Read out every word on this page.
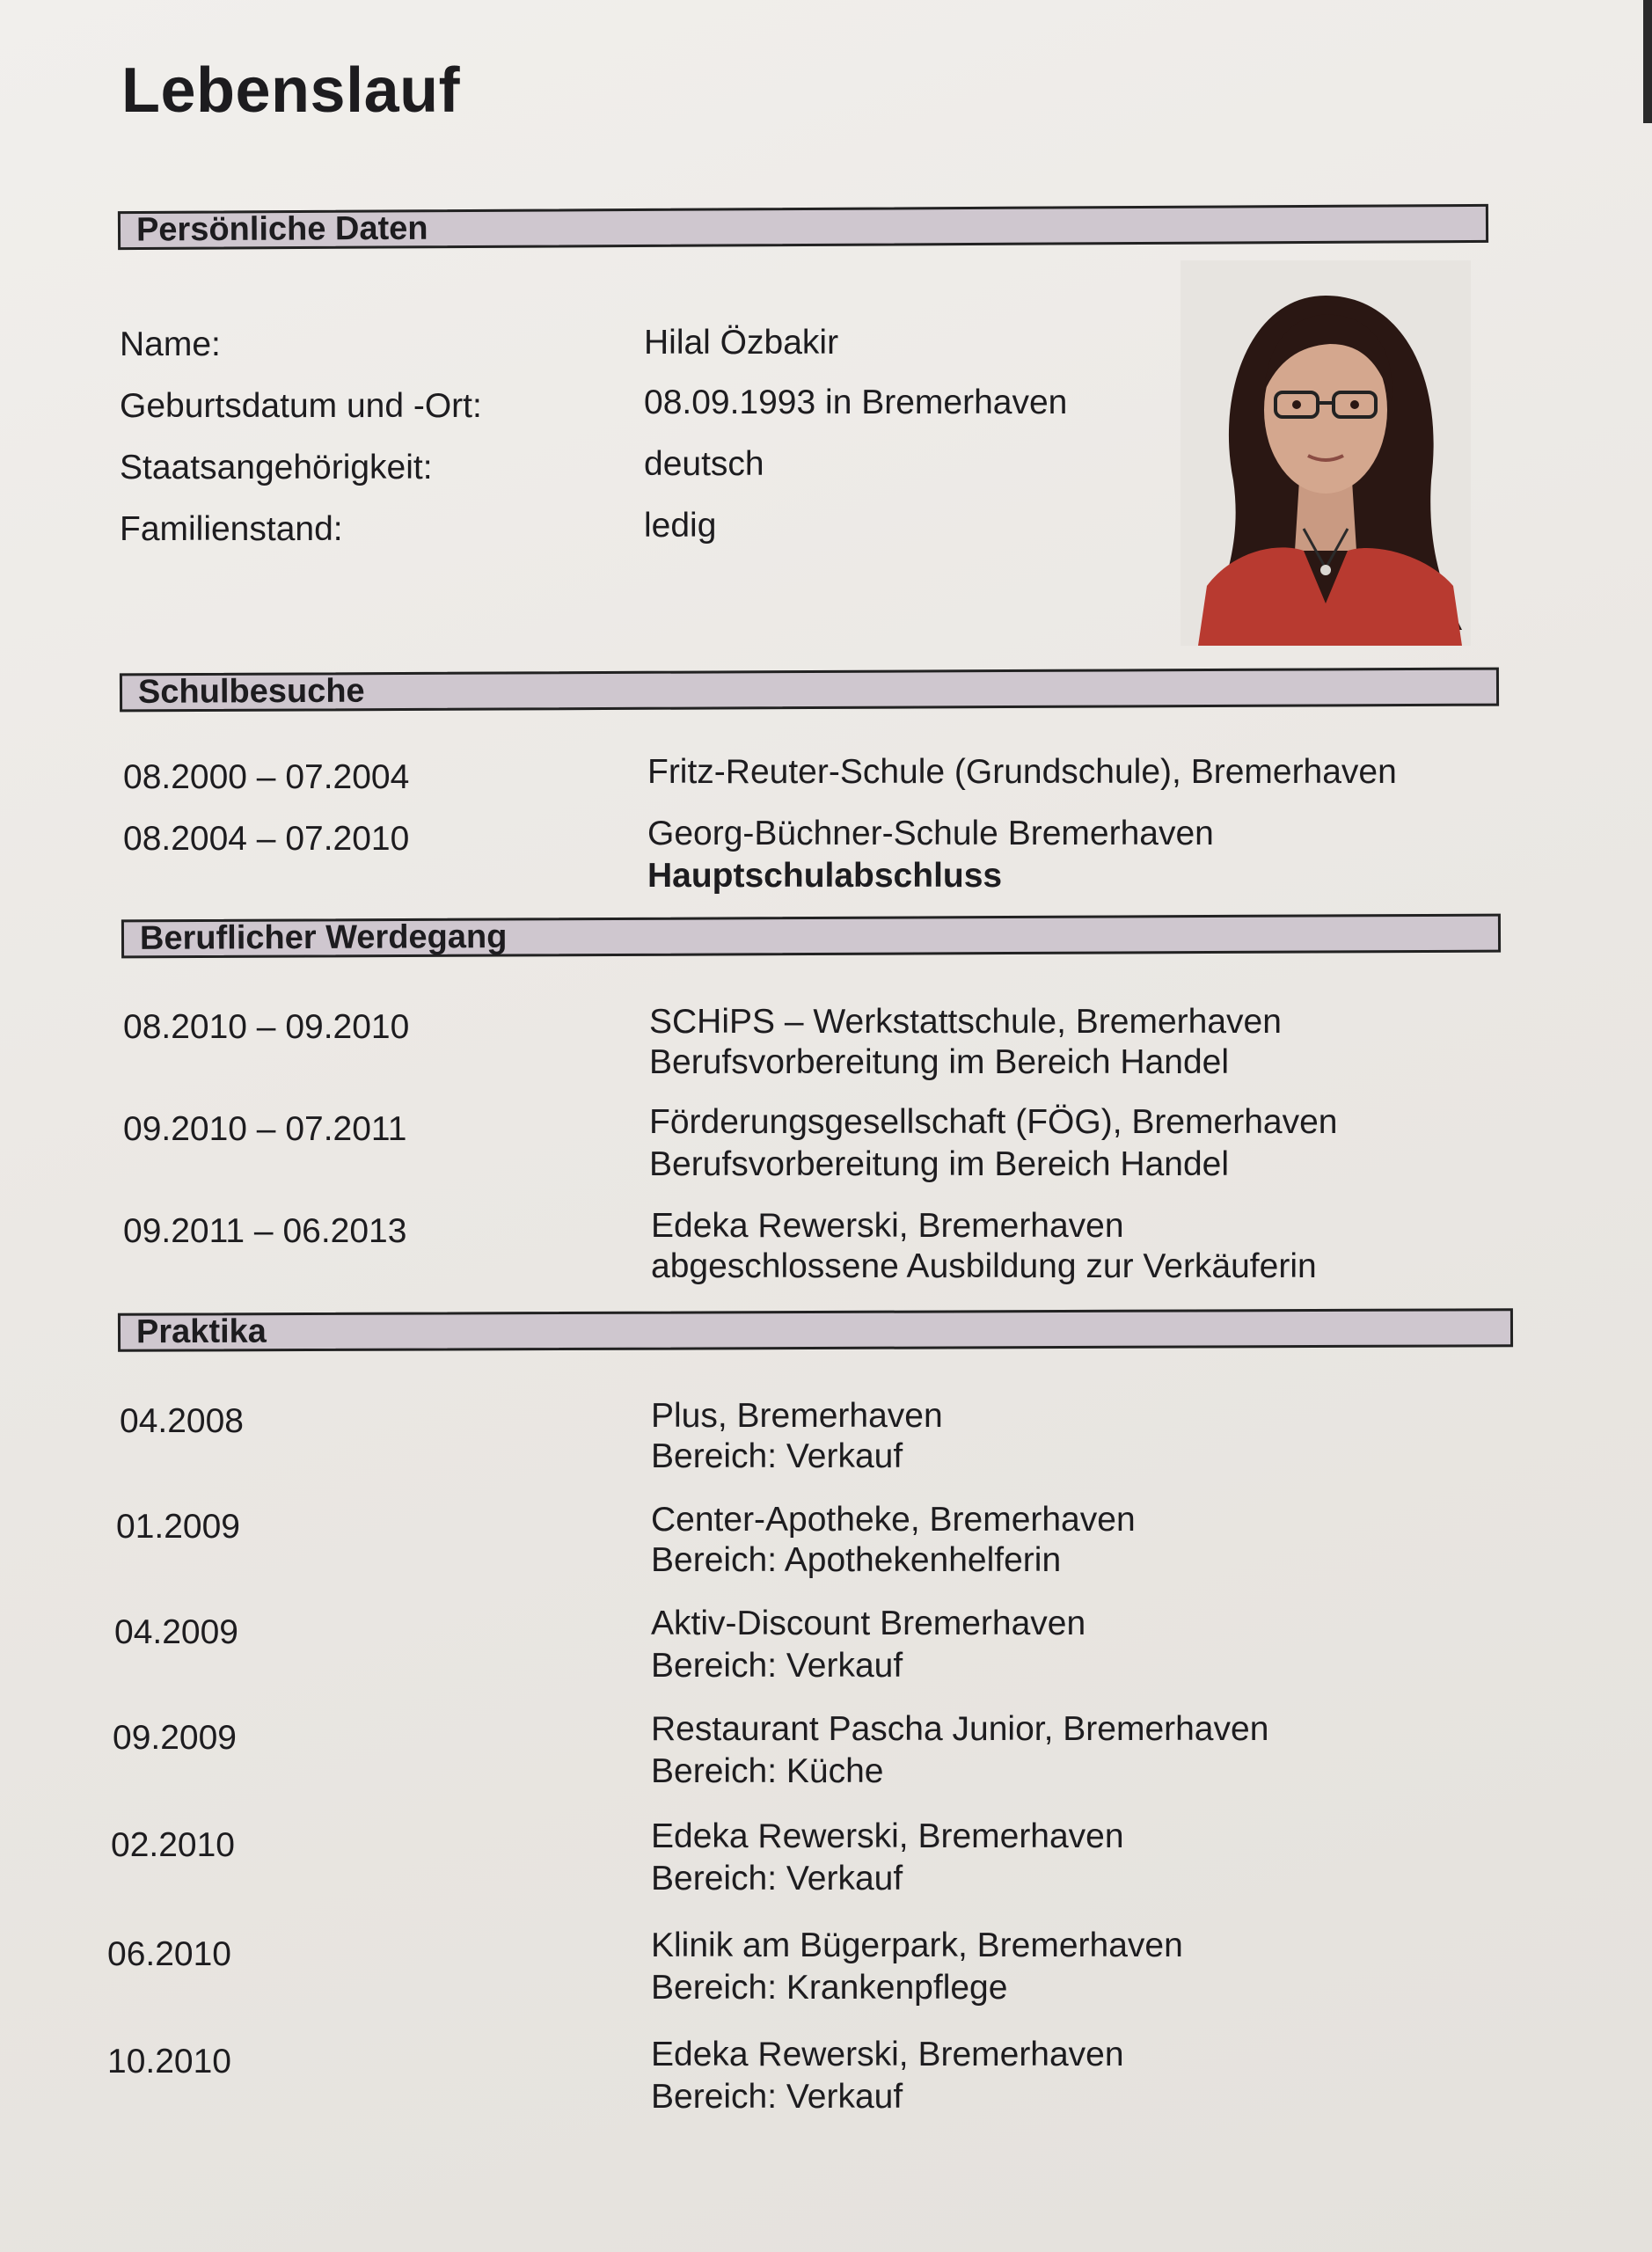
Lebenslauf
Persönliche Daten
Name:	Hilal Özbakir
Geburtsdatum und -Ort:	08.09.1993 in Bremerhaven
Staatsangehörigkeit:	deutsch
Familienstand:	ledig
Schulbesuche
08.2000 – 07.2004	Fritz-Reuter-Schule (Grundschule), Bremerhaven
08.2004 – 07.2010	Georg-Büchner-Schule Bremerhaven
Hauptschulabschluss
Beruflicher Werdegang
08.2010 – 09.2010	SCHiPS – Werkstattschule, Bremerhaven
Berufsvorbereitung im Bereich Handel
09.2010 – 07.2011	Förderungsgesellschaft (FÖG), Bremerhaven
Berufsvorbereitung im Bereich Handel
09.2011 – 06.2013	Edeka Rewerski, Bremerhaven
abgeschlossene Ausbildung zur Verkäuferin
Praktika
04.2008	Plus, Bremerhaven
Bereich: Verkauf
01.2009	Center-Apotheke, Bremerhaven
Bereich: Apothekenhelferin
04.2009	Aktiv-Discount Bremerhaven
Bereich: Verkauf
09.2009	Restaurant Pascha Junior, Bremerhaven
Bereich: Küche
02.2010	Edeka Rewerski, Bremerhaven
Bereich: Verkauf
06.2010	Klinik am Bügerpark, Bremerhaven
Bereich: Krankenpflege
10.2010	Edeka Rewerski, Bremerhaven
Bereich: Verkauf
